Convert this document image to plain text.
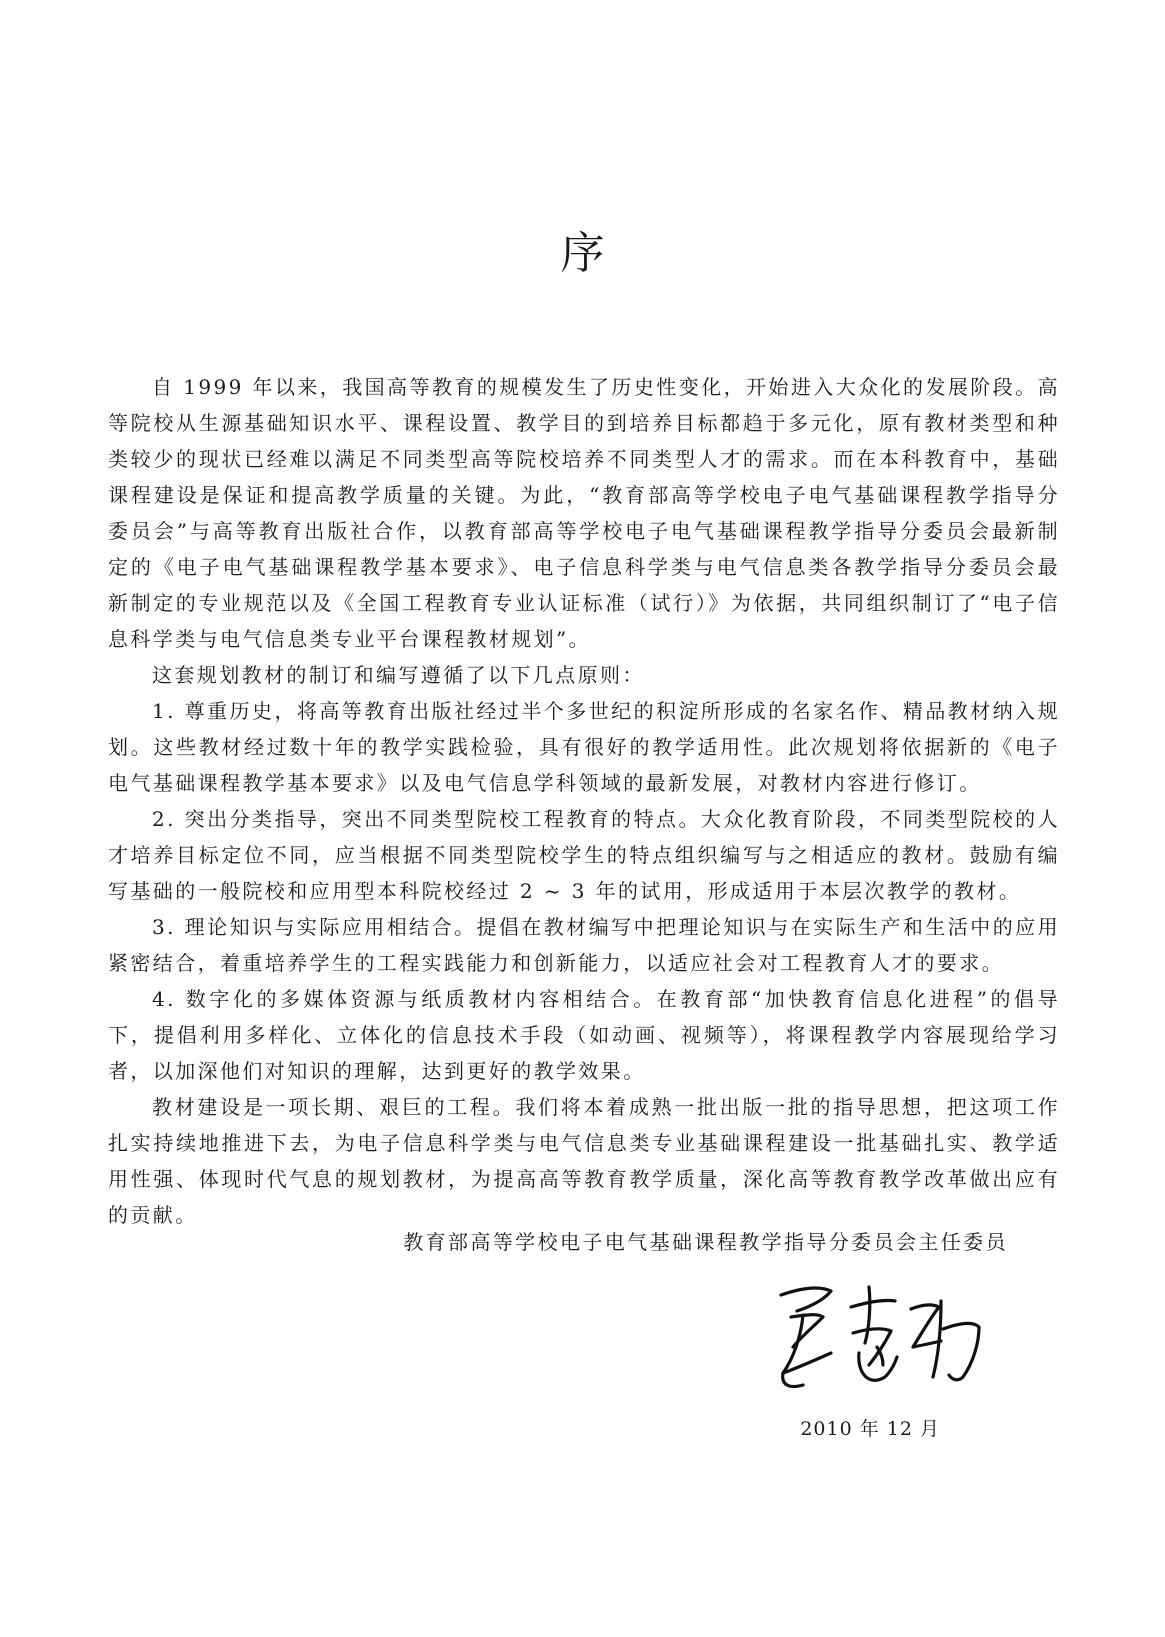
序

自 1999 年以来，我国高等教育的规模发生了历史性变化，开始进入大众化的发展阶段。高等院校从生源基础知识水平、课程设置、教学目的到培养目标都趋于多元化，原有教材类型和种类较少的现状已经难以满足不同类型高等院校培养不同类型人才的需求。而在本科教育中，基础课程建设是保证和提高教学质量的关键。为此，“教育部高等学校电子电气基础课程教学指导分委员会”与高等教育出版社合作，以教育部高等学校电子电气基础课程教学指导分委员会最新制定的《电子电气基础课程教学基本要求》、电子信息科学类与电气信息类各教学指导分委员会最新制定的专业规范以及《全国工程教育专业认证标准（试行）》为依据，共同组织制订了“电子信息科学类与电气信息类专业平台课程教材规划”。

这套规划教材的制订和编写遵循了以下几点原则：

1. 尊重历史，将高等教育出版社经过半个多世纪的积淀所形成的名家名作、精品教材纳入规划。这些教材经过数十年的教学实践检验，具有很好的教学适用性。此次规划将依据新的《电子电气基础课程教学基本要求》以及电气信息学科领域的最新发展，对教材内容进行修订。

2. 突出分类指导，突出不同类型院校工程教育的特点。大众化教育阶段，不同类型院校的人才培养目标定位不同，应当根据不同类型院校学生的特点组织编写与之相适应的教材。鼓励有编写基础的一般院校和应用型本科院校经过 2 ~ 3 年的试用，形成适用于本层次教学的教材。

3. 理论知识与实际应用相结合。提倡在教材编写中把理论知识与在实际生产和生活中的应用紧密结合，着重培养学生的工程实践能力和创新能力，以适应社会对工程教育人才的要求。

4. 数字化的多媒体资源与纸质教材内容相结合。在教育部“加快教育信息化进程”的倡导下，提倡利用多样化、立体化的信息技术手段（如动画、视频等），将课程教学内容展现给学习者，以加深他们对知识的理解，达到更好的教学效果。

教材建设是一项长期、艰巨的工程。我们将本着成熟一批出版一批的指导思想，把这项工作扎实持续地推进下去，为电子信息科学类与电气信息类专业基础课程建设一批基础扎实、教学适用性强、体现时代气息的规划教材，为提高高等教育教学质量，深化高等教育教学改革做出应有的贡献。

教育部高等学校电子电气基础课程教学指导分委员会主任委员

2010 年 12 月
